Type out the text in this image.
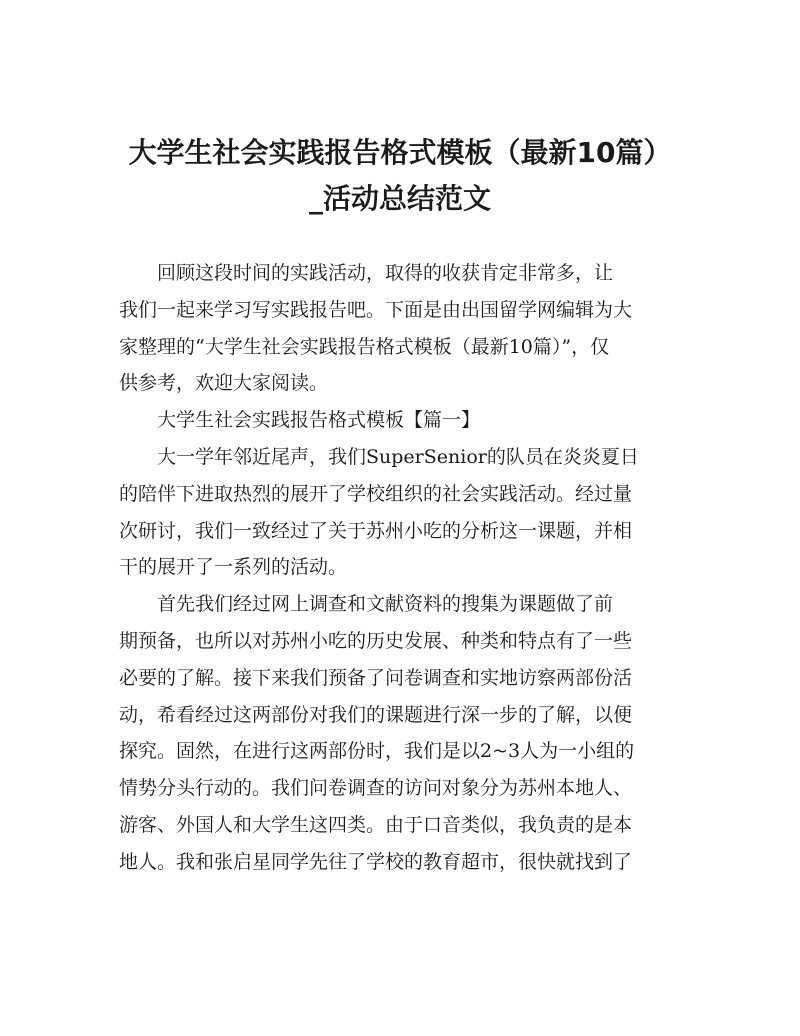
大学生社会实践报告格式模板（最新10篇）
_活动总结范文
回顾这段时间的实践活动，取得的收获肯定非常多，让
我们一起来学习写实践报告吧。下面是由出国留学网编辑为大
家整理的“大学生社会实践报告格式模板（最新10篇）”，仅
供参考，欢迎大家阅读。
大学生社会实践报告格式模板【篇一】
大一学年邻近尾声，我们SuperSenior的队员在炎炎夏日
的陪伴下进取热烈的展开了学校组织的社会实践活动。经过量
次研讨，我们一致经过了关于苏州小吃的分析这一课题，并相
干的展开了一系列的活动。
首先我们经过网上调查和文献资料的搜集为课题做了前
期预备，也所以对苏州小吃的历史发展、种类和特点有了一些
必要的了解。接下来我们预备了问卷调查和实地访察两部份活
动，希看经过这两部份对我们的课题进行深一步的了解，以便
探究。固然，在进行这两部份时，我们是以2~3人为一小组的
情势分头行动的。我们问卷调查的访问对象分为苏州本地人、
游客、外国人和大学生这四类。由于口音类似，我负责的是本
地人。我和张启星同学先往了学校的教育超市，很快就找到了
